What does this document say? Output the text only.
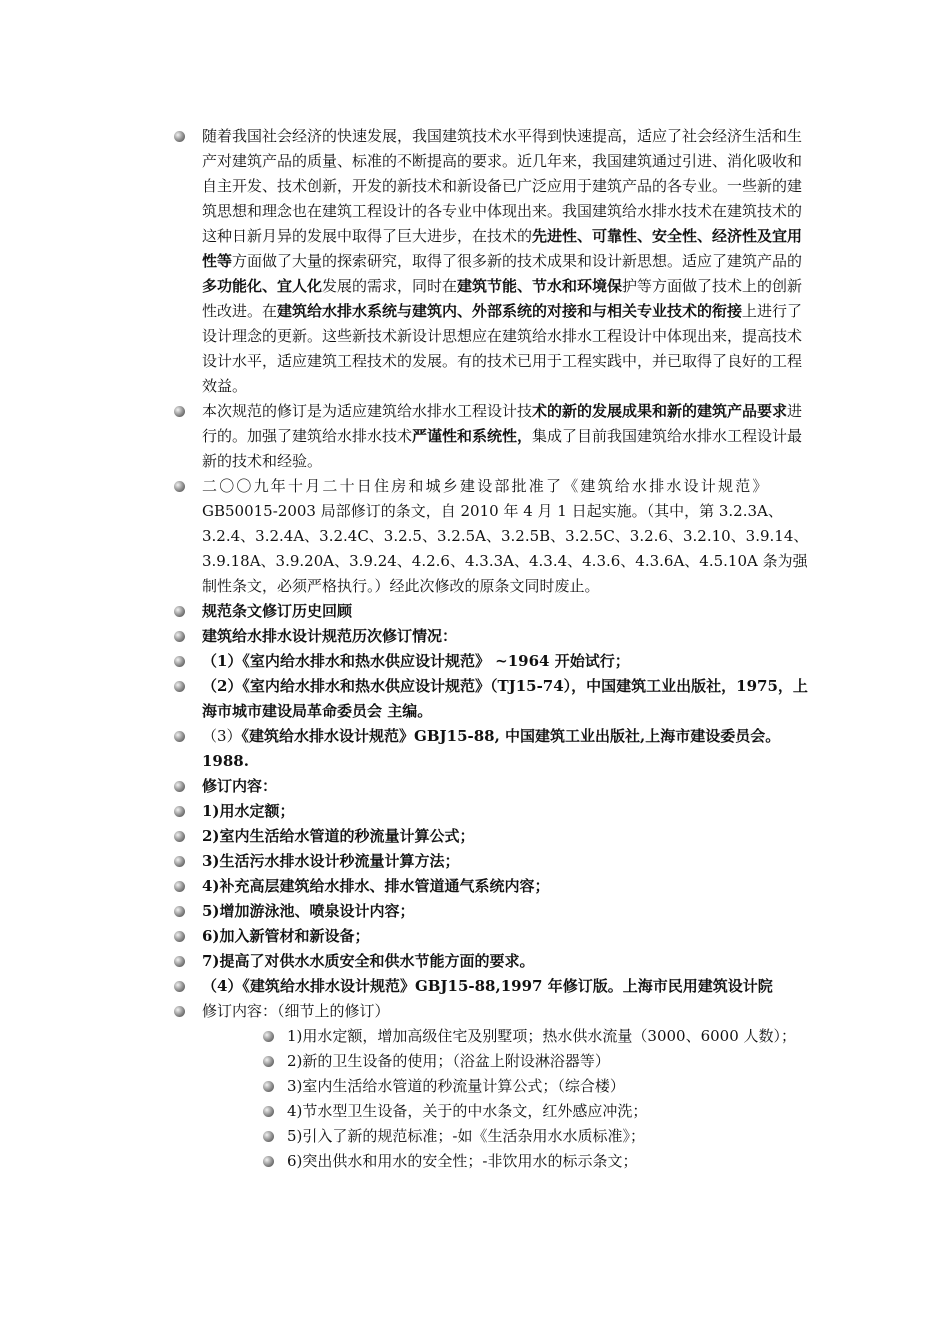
随着我国社会经济的快速发展，我国建筑技术水平得到快速提高，适应了社会经济生活和生产对建筑产品的质量、标准的不断提高的要求。近几年来，我国建筑通过引进、消化吸收和自主开发、技术创新，开发的新技术和新设备已广泛应用于建筑产品的各专业。一些新的建筑思想和理念也在建筑工程设计的各专业中体现出来。我国建筑给水排水技术在建筑技术的这种日新月异的发展中取得了巨大进步，在技术的先进性、可靠性、安全性、经济性及宜用性等方面做了大量的探索研究，取得了很多新的技术成果和设计新思想。适应了建筑产品的多功能化、宜人化发展的需求，同时在建筑节能、节水和环境保护等方面做了技术上的创新性改进。在建筑给水排水系统与建筑内、外部系统的对接和与相关专业技术的衔接上进行了设计理念的更新。这些新技术新设计思想应在建筑给水排水工程设计中体现出来，提高技术设计水平，适应建筑工程技术的发展。有的技术已用于工程实践中，并已取得了良好的工程效益。
本次规范的修订是为适应建筑给水排水工程设计技术的新的发展成果和新的建筑产品要求进行的。加强了建筑给水排水技术严谨性和系统性，集成了目前我国建筑给水排水工程设计最新的技术和经验。
二〇〇九年十月二十日住房和城乡建设部批准了《建筑给水排水设计规范》GB50015-2003 局部修订的条文，自 2010 年 4 月 1 日起实施。（其中，第 3.2.3A、3.2.4、3.2.4A、3.2.4C、3.2.5、3.2.5A、3.2.5B、3.2.5C、3.2.6、3.2.10、3.9.14、3.9.18A、3.9.20A、3.9.24、4.2.6、4.3.3A、4.3.4、4.3.6、4.3.6A、4.5.10A 条为强制性条文，必须严格执行。）经此次修改的原条文同时废止。
规范条文修订历史回顾
建筑给水排水设计规范历次修订情况：
（1）《室内给水排水和热水供应设计规范》 ~1964 开始试行；
（2）《室内给水排水和热水供应设计规范》（TJ15-74），中国建筑工业出版社，1975，上海市城市建设局革命委员会 主编。
（3）《建筑给水排水设计规范》GBJ15-88, 中国建筑工业出版社,上海市建设委员会。1988.
修订内容：
1)用水定额；
2)室内生活给水管道的秒流量计算公式；
3)生活污水排水设计秒流量计算方法；
4)补充高层建筑给水排水、排水管道通气系统内容；
5)增加游泳池、喷泉设计内容；
6)加入新管材和新设备；
7)提高了对供水水质安全和供水节能方面的要求。
（4）《建筑给水排水设计规范》GBJ15-88,1997 年修订版。上海市民用建筑设计院
修订内容：（细节上的修订）
1)用水定额，增加高级住宅及别墅项；热水供水流量（3000、6000 人数）；
2)新的卫生设备的使用；（浴盆上附设淋浴器等）
3)室内生活给水管道的秒流量计算公式；（综合楼）
4)节水型卫生设备，关于的中水条文，红外感应冲洗；
5)引入了新的规范标准；-如《生活杂用水水质标准》；
6)突出供水和用水的安全性；-非饮用水的标示条文；
